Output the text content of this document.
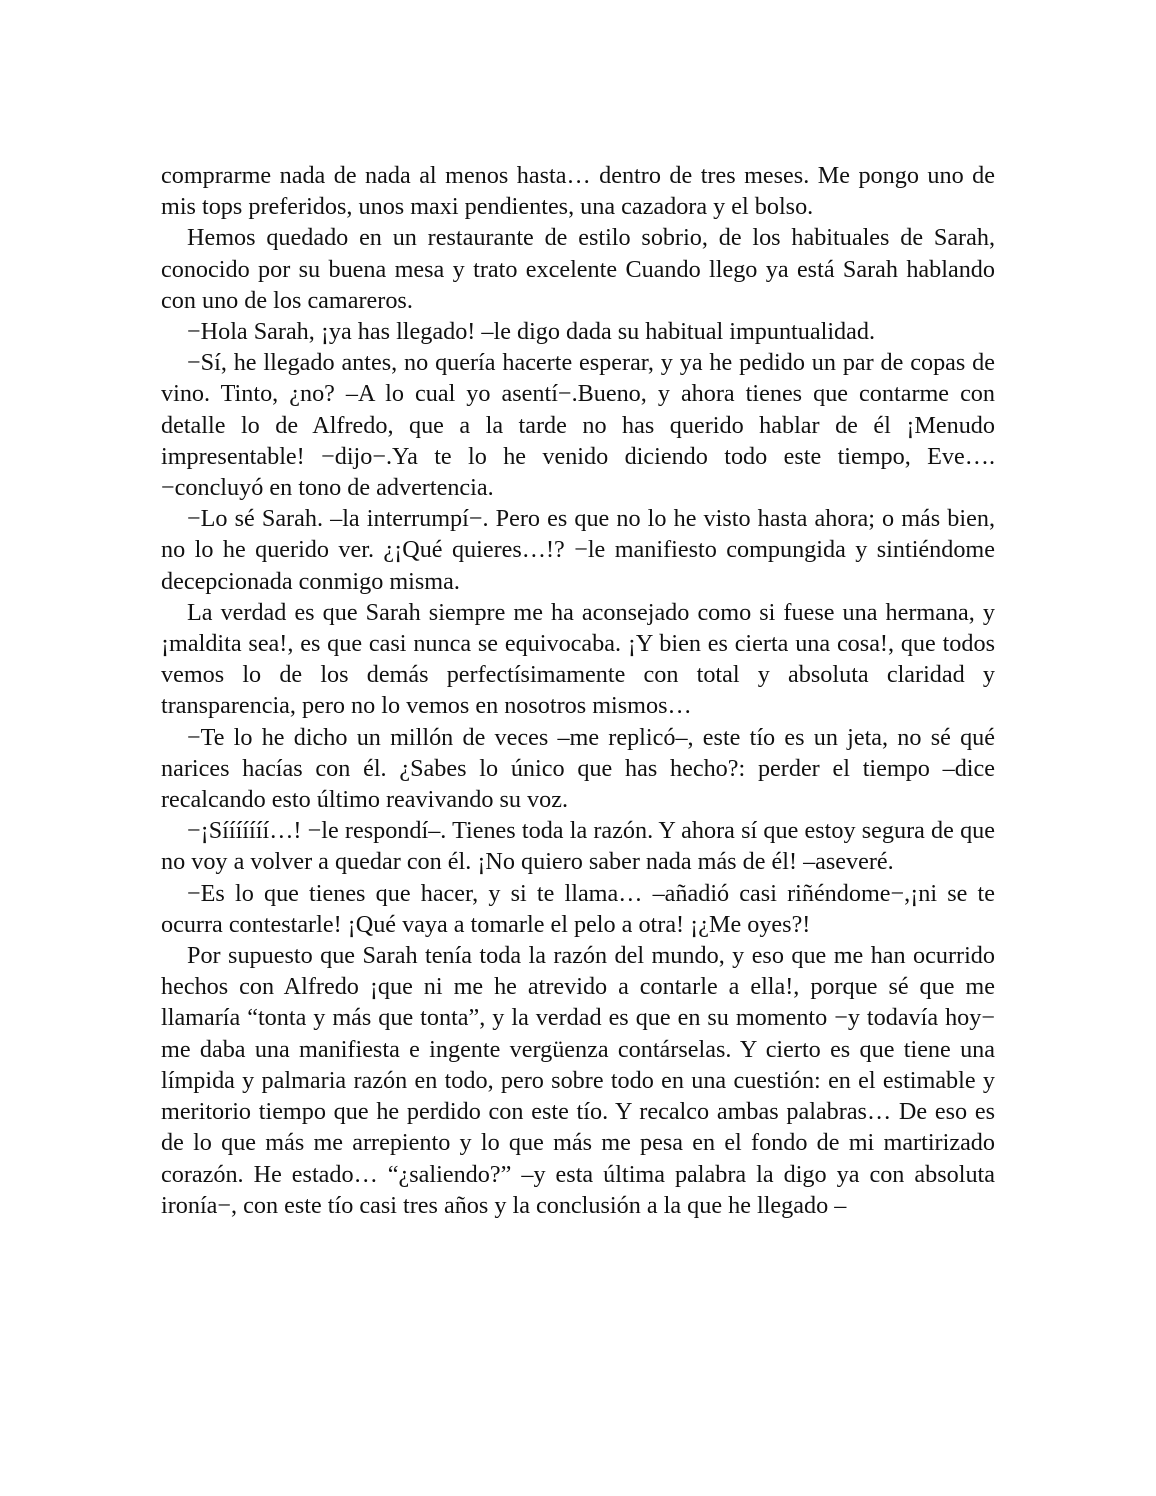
comprarme nada de nada al menos hasta… dentro de tres meses. Me pongo uno de mis tops preferidos, unos maxi pendientes, una cazadora y el bolso.

Hemos quedado en un restaurante de estilo sobrio, de los habituales de Sarah, conocido por su buena mesa y trato excelente Cuando llego ya está Sarah hablando con uno de los camareros.

−Hola Sarah, ¡ya has llegado! –le digo dada su habitual impuntualidad.

−Sí, he llegado antes, no quería hacerte esperar, y ya he pedido un par de copas de vino. Tinto, ¿no? –A lo cual yo asentí−.Bueno, y ahora tienes que contarme con detalle lo de Alfredo, que a la tarde no has querido hablar de él ¡Menudo impresentable! −dijo−.Ya te lo he venido diciendo todo este tiempo, Eve…. −concluyó en tono de advertencia.

−Lo sé Sarah. –la interrumpí−. Pero es que no lo he visto hasta ahora; o más bien, no lo he querido ver. ¿¡Qué quieres…!? −le manifiesto compungida y sintiéndome decepcionada conmigo misma.

La verdad es que Sarah siempre me ha aconsejado como si fuese una hermana, y ¡maldita sea!, es que casi nunca se equivocaba. ¡Y bien es cierta una cosa!, que todos vemos lo de los demás perfectísimamente con total y absoluta claridad y transparencia, pero no lo vemos en nosotros mismos…

−Te lo he dicho un millón de veces –me replicó–, este tío es un jeta, no sé qué narices hacías con él. ¿Sabes lo único que has hecho?: perder el tiempo –dice recalcando esto último reavivando su voz.

−¡Sííííííí…! −le respondí–. Tienes toda la razón. Y ahora sí que estoy segura de que no voy a volver a quedar con él. ¡No quiero saber nada más de él! –aseveré.

−Es lo que tienes que hacer, y si te llama… –añadió casi riñéndome−,¡ni se te ocurra contestarle! ¡Qué vaya a tomarle el pelo a otra! ¡¿Me oyes?!

Por supuesto que Sarah tenía toda la razón del mundo, y eso que me han ocurrido hechos con Alfredo ¡que ni me he atrevido a contarle a ella!, porque sé que me llamaría “tonta y más que tonta”, y la verdad es que en su momento −y todavía hoy− me daba una manifiesta e ingente vergüenza contárselas. Y cierto es que tiene una límpida y palmaria razón en todo, pero sobre todo en una cuestión: en el estimable y meritorio tiempo que he perdido con este tío. Y recalco ambas palabras… De eso es de lo que más me arrepiento y lo que más me pesa en el fondo de mi martirizado corazón. He estado… “¿saliendo?” –y esta última palabra la digo ya con absoluta ironía−, con este tío casi tres años y la conclusión a la que he llegado –
